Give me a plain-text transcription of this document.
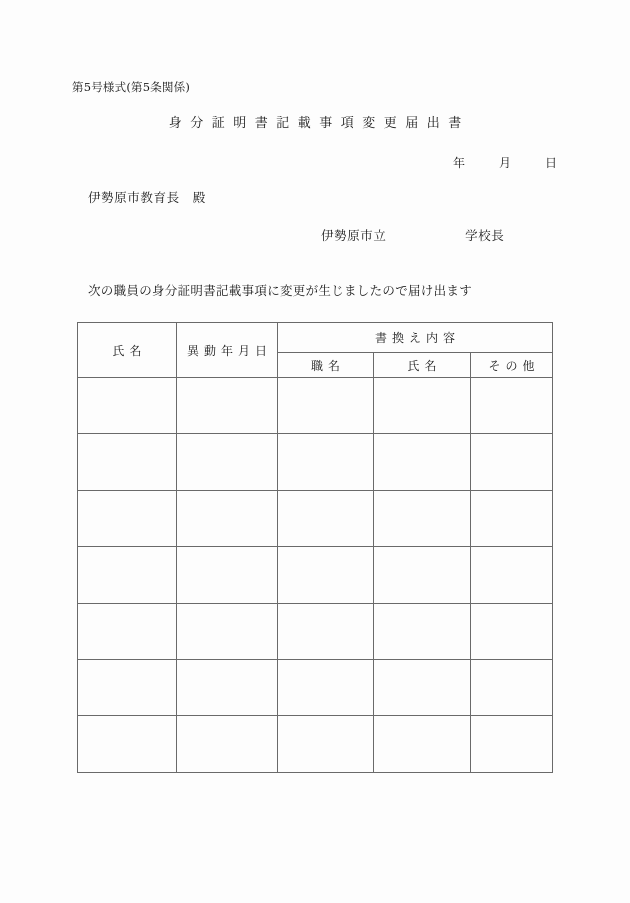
第5号様式(第5条関係)
身分証明書記載事項変更届出書
年　月　日
伊勢原市教育長　殿
伊勢原市立　　　　　　学校長
次の職員の身分証明書記載事項に変更が生じましたので届け出ます
氏名	異動年月日	書換え内容		
		職名	氏名	その他
